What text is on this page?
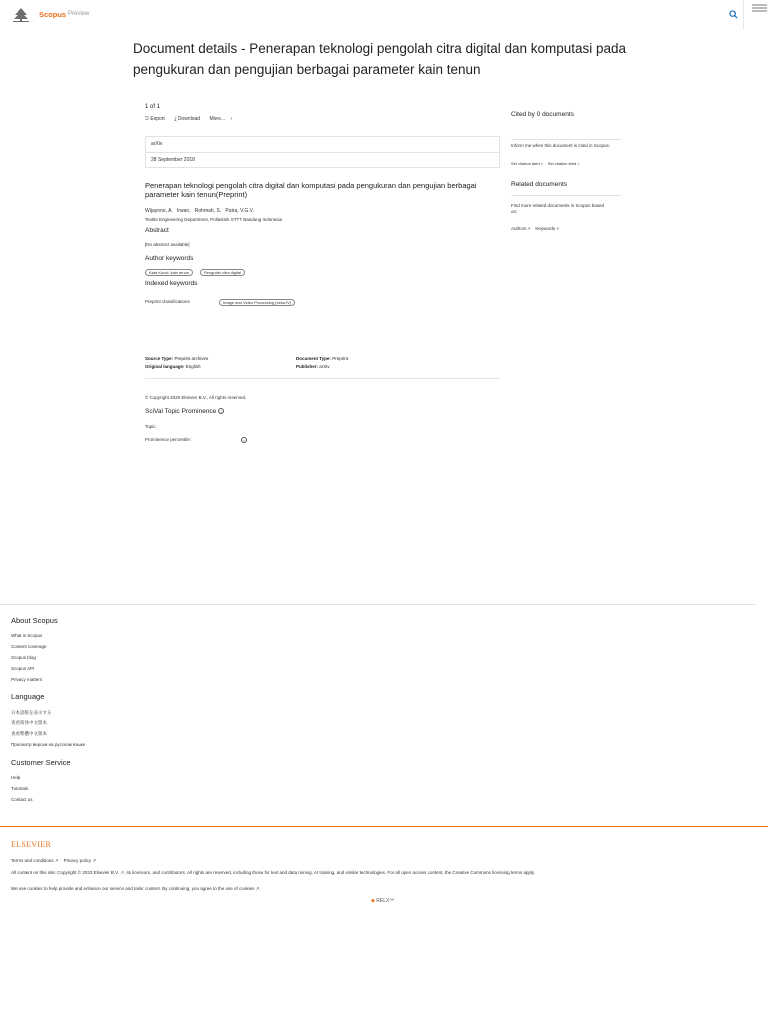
Scopus Preview
Document details - Penerapan teknologi pengolah citra digital dan komputasi pada pengukuran dan pengujian berbagai parameter kain tenun
1 of 1
⎋ Export ⤓ Download More... ›
arXiv
28 September 2018
Penerapan teknologi pengolah citra digital dan komputasi pada pengukuran dan pengujian berbagai parameter kain tenun(Preprint)
Wijayono, A. Irwan, Rohmah, S. Putra, V.G.V.
Textile Engineering Department, Politeknik STTT Bandung Indonesia
Abstract
[No abstract available]
Author keywords
Kata Kunci: kain tenun	Pengolah citra digital
Indexed keywords
Preprint classifications	Image and Video Processing (eess.IV)
Source Type: Preprint archives
Original language: English
Document Type: Preprint
Publisher: arXiv
© Copyright 2020 Elsevier B.V., All rights reserved.
SciVal Topic Prominence i
Topic:
Prominence percentile:	i
Cited by 0 documents
Inform me when this document is cited in Scopus:
Set citation alert > Set citation feed >
Related documents
Find more related documents in Scopus based on:
Authors > Keywords >
About Scopus
What is Scopus
Content coverage
Scopus blog
Scopus API
Privacy matters
Language
日本語版を表示する
查看简体中文版本
查看繁體中文版本
Просмотр версии на русском языке
Customer Service
Help
Tutorials
Contact us
ELSEVIER
Terms and conditions ↗ Privacy policy ↗
All content on this site: Copyright © 2023 Elsevier B.V. ↗, its licensors, and contributors. All rights are reserved, including those for text and data mining, AI training, and similar technologies. For all open access content, the Creative Commons licensing terms apply.
We use cookies to help provide and enhance our service and tailor content. By continuing, you agree to the use of cookies ↗.
◆ RELX™
